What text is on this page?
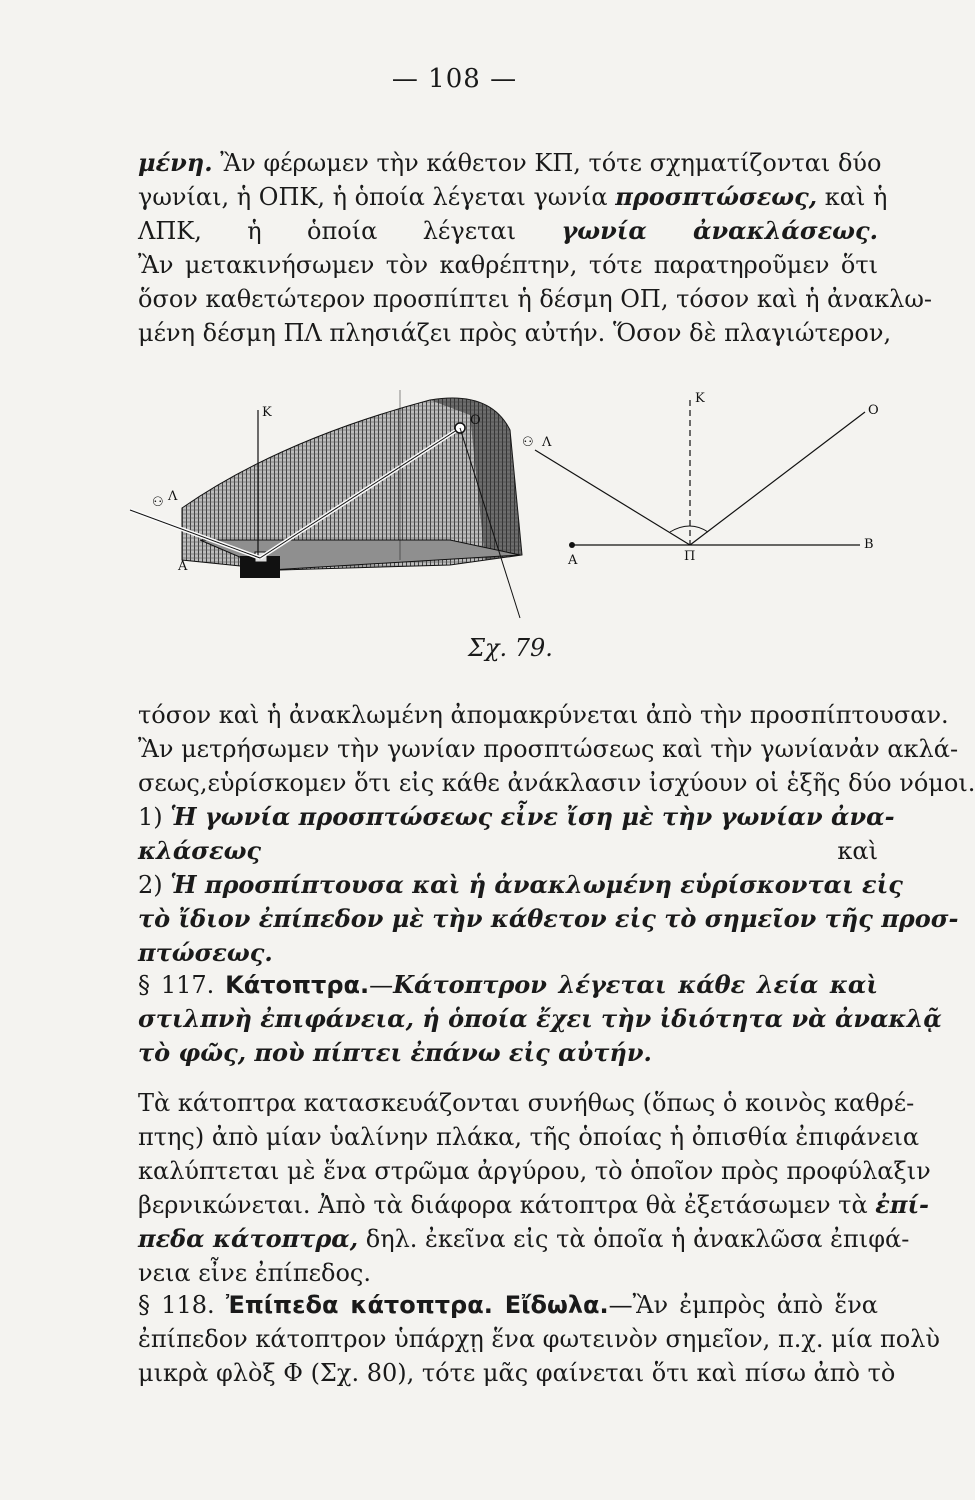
— 108 —
μένη. Ἂν φέρωμεν τὴν κάθετον ΚΠ, τότε σχηματίζονται δύο
γωνίαι, ἡ ΟΠΚ, ἡ ὁποία λέγεται γωνία προσπτώσεως, καὶ ἡ
ΛΠΚ, ἡ ὁποία λέγεται γωνία ἀνακλάσεως.
Ἂν μετακινήσωμεν τὸν καθρέπτην, τότε παρατηροῦμεν ὅτι
ὅσον καθετώτερον προσπίπτει ἡ δέσμη ΟΠ, τόσον καὶ ἡ ἀνακλω-
μένη δέσμη ΠΛ πλησιάζει πρὸς αὐτήν. Ὅσον δὲ πλαγιώτερον,
τόσον καὶ ἡ ἀνακλωμένη ἀπομακρύνεται ἀπὸ τὴν προσπίπτουσαν.
Ἂν μετρήσωμεν τὴν γωνίαν προσπτώσεως καὶ τὴν γωνίανἀν ακλά-
σεως,εὑρίσκομεν ὅτι εἰς κάθε ἀνάκλασιν ἰσχύουν οἱ ἑξῆς δύο νόμοι.
1) Ἡ γωνία προσπτώσεως εἶνε ἴση μὲ τὴν γωνίαν ἀνα-
κλάσεως καὶ
2) Ἡ προσπίπτουσα καὶ ἡ ἀνακλωμένη εὑρίσκονται εἰς
τὸ ἴδιον ἐπίπεδον μὲ τὴν κάθετον εἰς τὸ σημεῖον τῆς προσ-
πτώσεως.
§ 117. Κάτοπτρα.—Κάτοπτρον λέγεται κάθε λεία καὶ
στιλπνὴ ἐπιφάνεια, ἡ ὁποία ἔχει τὴν ἰδιότητα νὰ ἀνακλᾷ
τὸ φῶς, ποὺ πίπτει ἐπάνω εἰς αὐτήν.
Τὰ κάτοπτρα κατασκευάζονται συνήθως (ὅπως ὁ κοινὸς καθρέ-
πτης) ἀπὸ μίαν ὑαλίνην πλάκα, τῆς ὁποίας ἡ ὀπισθία ἐπιφάνεια
καλύπτεται μὲ ἕνα στρῶμα ἀργύρου, τὸ ὁποῖον πρὸς προφύλαξιν
βερνικώνεται. Ἀπὸ τὰ διάφορα κάτοπτρα θὰ ἐξετάσωμεν τὰ ἐπί-
πεδα κάτοπτρα, δηλ. ἐκεῖνα εἰς τὰ ὁποῖα ἡ ἀνακλῶσα ἐπιφά-
νεια εἶνε ἐπίπεδος.
§ 118. Ἐπίπεδα κάτοπτρα. Εἴδωλα.—Ἂν ἐμπρὸς ἀπὸ ἕνα
ἐπίπεδον κάτοπτρον ὑπάρχῃ ἕνα φωτεινὸν σημεῖον, π.χ. μία πολὺ
μικρὰ φλὸξ Φ (Σχ. 80), τότε μᾶς φαίνεται ὅτι καὶ πίσω ἀπὸ τὸ
⚇
K
O
A
Λ
⚇
K
O
A
Λ
Π
B
Σχ. 79.
